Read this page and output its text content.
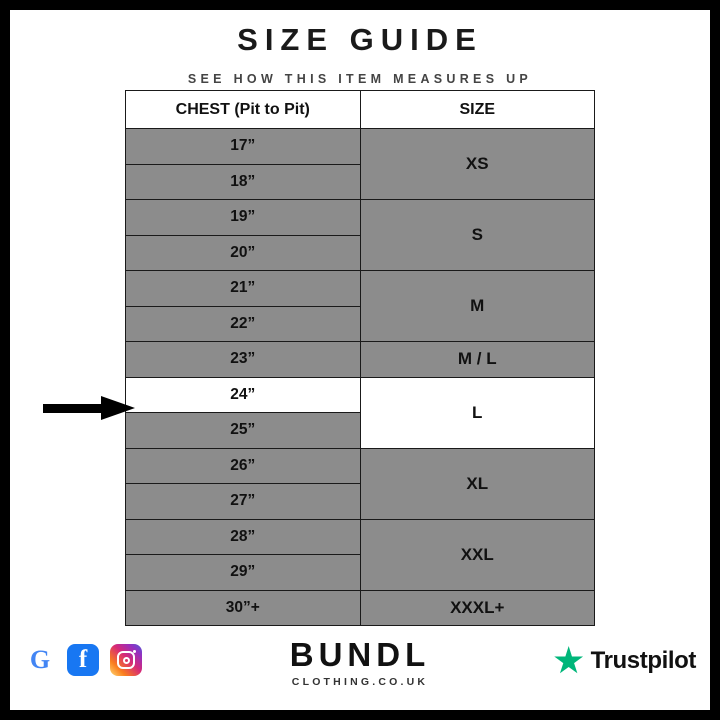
SIZE GUIDE
SEE HOW THIS ITEM MEASURES UP
CHEST (Pit to Pit)	SIZE
17”	XS
18”	
19”	S
20”	
21”	M
22”	
23”	M / L
24”	L
25”	
26”	XL
27”	
28”	XXL
29”	
30”+	XXXL+
G	f	BUNDL
CLOTHING.CO.UK
Trustpilot
